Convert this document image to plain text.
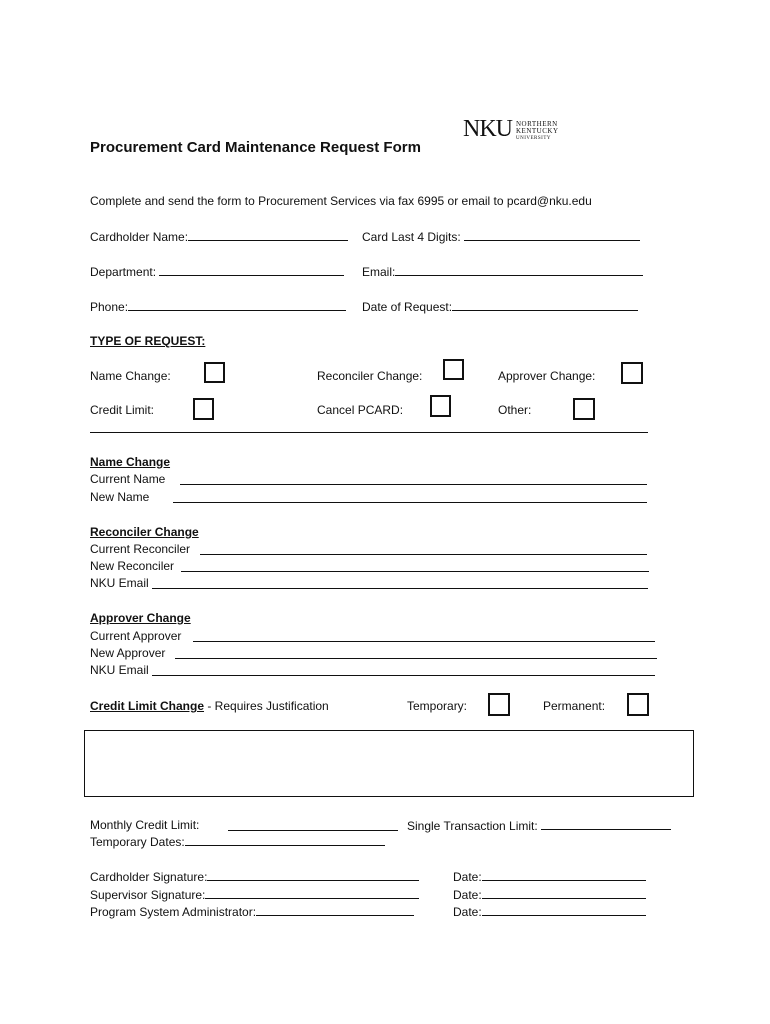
NKU NORTHERN
KENTUCKY
UNIVERSITY
Procurement Card Maintenance Request Form
Complete and send the form to Procurement Services via fax 6995 or email to pcard@nku.edu
Cardholder Name:	Card Last 4 Digits:
Department:	Email:
Phone:	Date of Request:
TYPE OF REQUEST:
Name Change:	Reconciler Change:	Approver Change:
Credit Limit:	Cancel PCARD:	Other:
Name Change
Current Name
New Name
Reconciler Change
Current Reconciler
New Reconciler
NKU Email
Approver Change
Current Approver
New Approver
NKU Email
Credit Limit Change - Requires Justification	Temporary:	Permanent:
Monthly Credit Limit:	Single Transaction Limit:
Temporary Dates:
Cardholder Signature:	Date:
Supervisor Signature:	Date:
Program System Administrator:	Date:
